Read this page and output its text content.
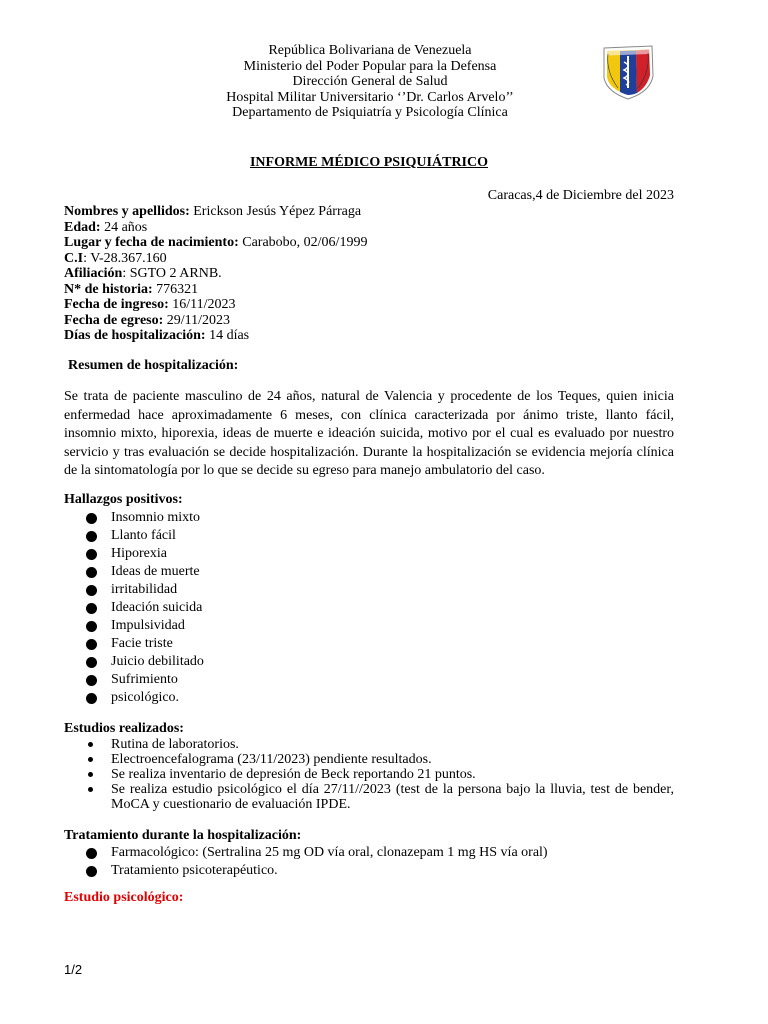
República Bolivariana de Venezuela
Ministerio del Poder Popular para la Defensa
Dirección General de Salud
Hospital Militar Universitario ‘’Dr. Carlos Arvelo’’
Departamento de Psiquiatría y Psicología Clínica
INFORME MÉDICO PSIQUIÁTRICO
Caracas,4 de Diciembre del 2023
Nombres y apellidos: Erickson Jesús Yépez Párraga
Edad: 24 años
Lugar y fecha de nacimiento: Carabobo, 02/06/1999
C.I: V-28.367.160
Afiliación: SGTO 2 ARNB.
N* de historia: 776321
Fecha de ingreso: 16/11/2023
Fecha de egreso: 29/11/2023
Días de hospitalización: 14 días
Resumen de hospitalización:
Se trata de paciente masculino de 24 años, natural de Valencia y procedente de los Teques, quien inicia enfermedad hace aproximadamente 6 meses, con clínica caracterizada por ánimo triste, llanto fácil, insomnio mixto, hiporexia, ideas de muerte e ideación suicida, motivo por el cual es evaluado por nuestro servicio y tras evaluación se decide hospitalización. Durante la hospitalización se evidencia mejoría clínica de la sintomatología por lo que se decide su egreso para manejo ambulatorio del caso.
Hallazgos positivos:
Insomnio mixto
Llanto fácil
Hiporexia
Ideas de muerte
irritabilidad
Ideación suicida
Impulsividad
Facie triste
Juicio debilitado
Sufrimiento
psicológico.
Estudios realizados:
Rutina de laboratorios.
Electroencefalograma (23/11/2023) pendiente resultados.
Se realiza inventario de depresión de Beck reportando 21 puntos.
Se realiza estudio psicológico el día 27/11//2023 (test de la persona bajo la lluvia, test de bender, MoCA y cuestionario de evaluación IPDE.
Tratamiento durante la hospitalización:
Farmacológico: (Sertralina 25 mg OD vía oral, clonazepam 1 mg HS vía oral)
Tratamiento psicoterapéutico.
Estudio psicológico:
1/2
